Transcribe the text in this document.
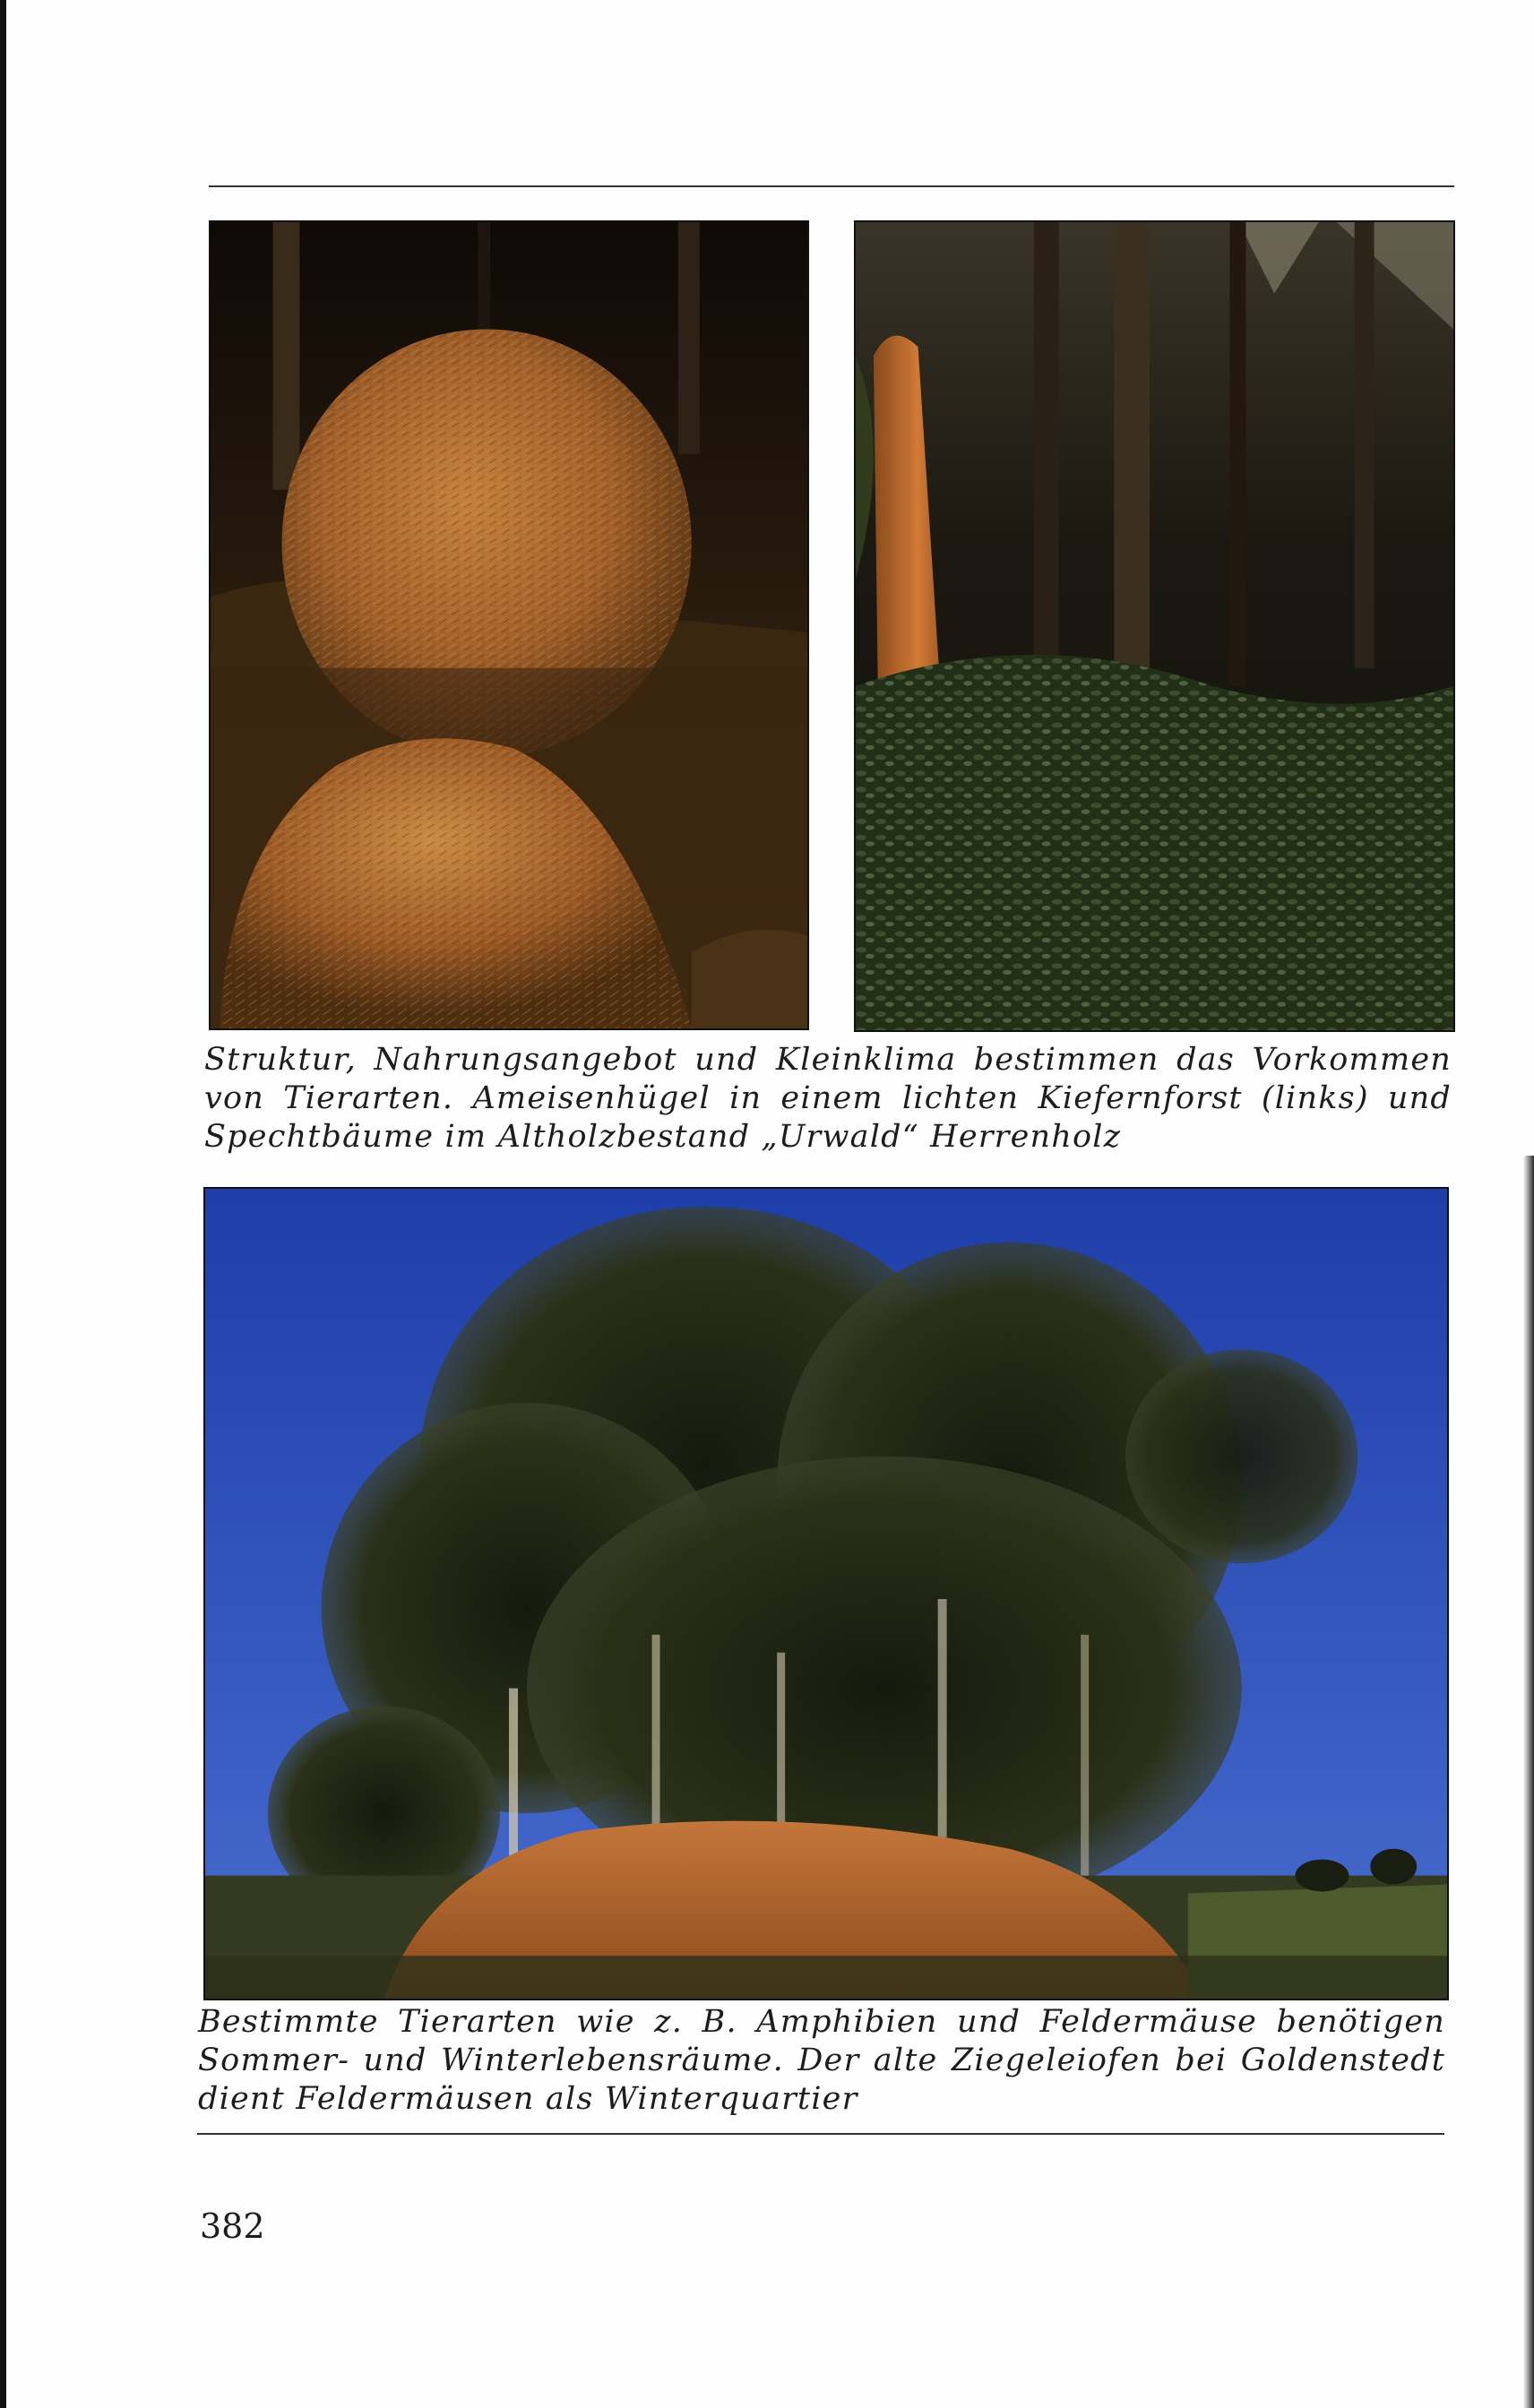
Struktur, Nahrungsangebot und Kleinklima bestimmen das Vorkommen
von Tierarten. Ameisenhügel in einem lichten Kiefernforst (links) und
Spechtbäume im Altholzbestand „Urwald“ Herrenholz
Bestimmte Tierarten wie z. B. Amphibien und Feldermäuse benötigen
Sommer- und Winterlebensräume. Der alte Ziegeleiofen bei Goldenstedt
dient Feldermäusen als Winterquartier
382
